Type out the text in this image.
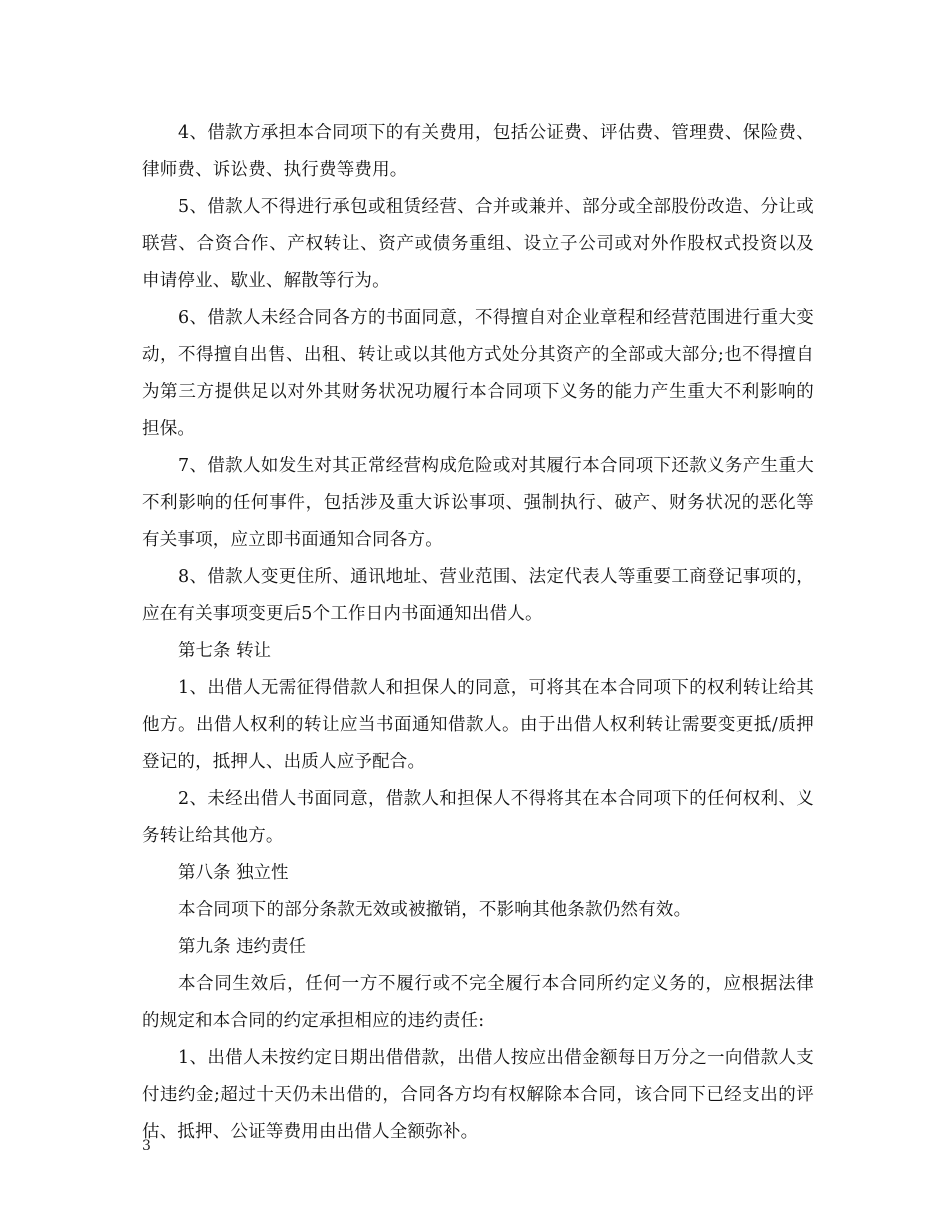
4、借款方承担本合同项下的有关费用，包括公证费、评估费、管理费、保险费、律师费、诉讼费、执行费等费用。

5、借款人不得进行承包或租赁经营、合并或兼并、部分或全部股份改造、分让或联营、合资合作、产权转让、资产或债务重组、设立子公司或对外作股权式投资以及申请停业、歇业、解散等行为。

6、借款人未经合同各方的书面同意，不得擅自对企业章程和经营范围进行重大变动，不得擅自出售、出租、转让或以其他方式处分其资产的全部或大部分;也不得擅自为第三方提供足以对外其财务状况功履行本合同项下义务的能力产生重大不利影响的担保。

7、借款人如发生对其正常经营构成危险或对其履行本合同项下还款义务产生重大不利影响的任何事件，包括涉及重大诉讼事项、强制执行、破产、财务状况的恶化等有关事项，应立即书面通知合同各方。

8、借款人变更住所、通讯地址、营业范围、法定代表人等重要工商登记事项的，应在有关事项变更后5个工作日内书面通知出借人。

第七条 转让

1、出借人无需征得借款人和担保人的同意，可将其在本合同项下的权利转让给其他方。出借人权利的转让应当书面通知借款人。由于出借人权利转让需要变更抵/质押登记的，抵押人、出质人应予配合。

2、未经出借人书面同意，借款人和担保人不得将其在本合同项下的任何权利、义务转让给其他方。

第八条 独立性

本合同项下的部分条款无效或被撤销，不影响其他条款仍然有效。

第九条 违约责任

本合同生效后，任何一方不履行或不完全履行本合同所约定义务的，应根据法律的规定和本合同的约定承担相应的违约责任:

1、出借人未按约定日期出借借款，出借人按应出借金额每日万分之一向借款人支付违约金;超过十天仍未出借的，合同各方均有权解除本合同，该合同下已经支出的评估、抵押、公证等费用由出借人全额弥补。

3
